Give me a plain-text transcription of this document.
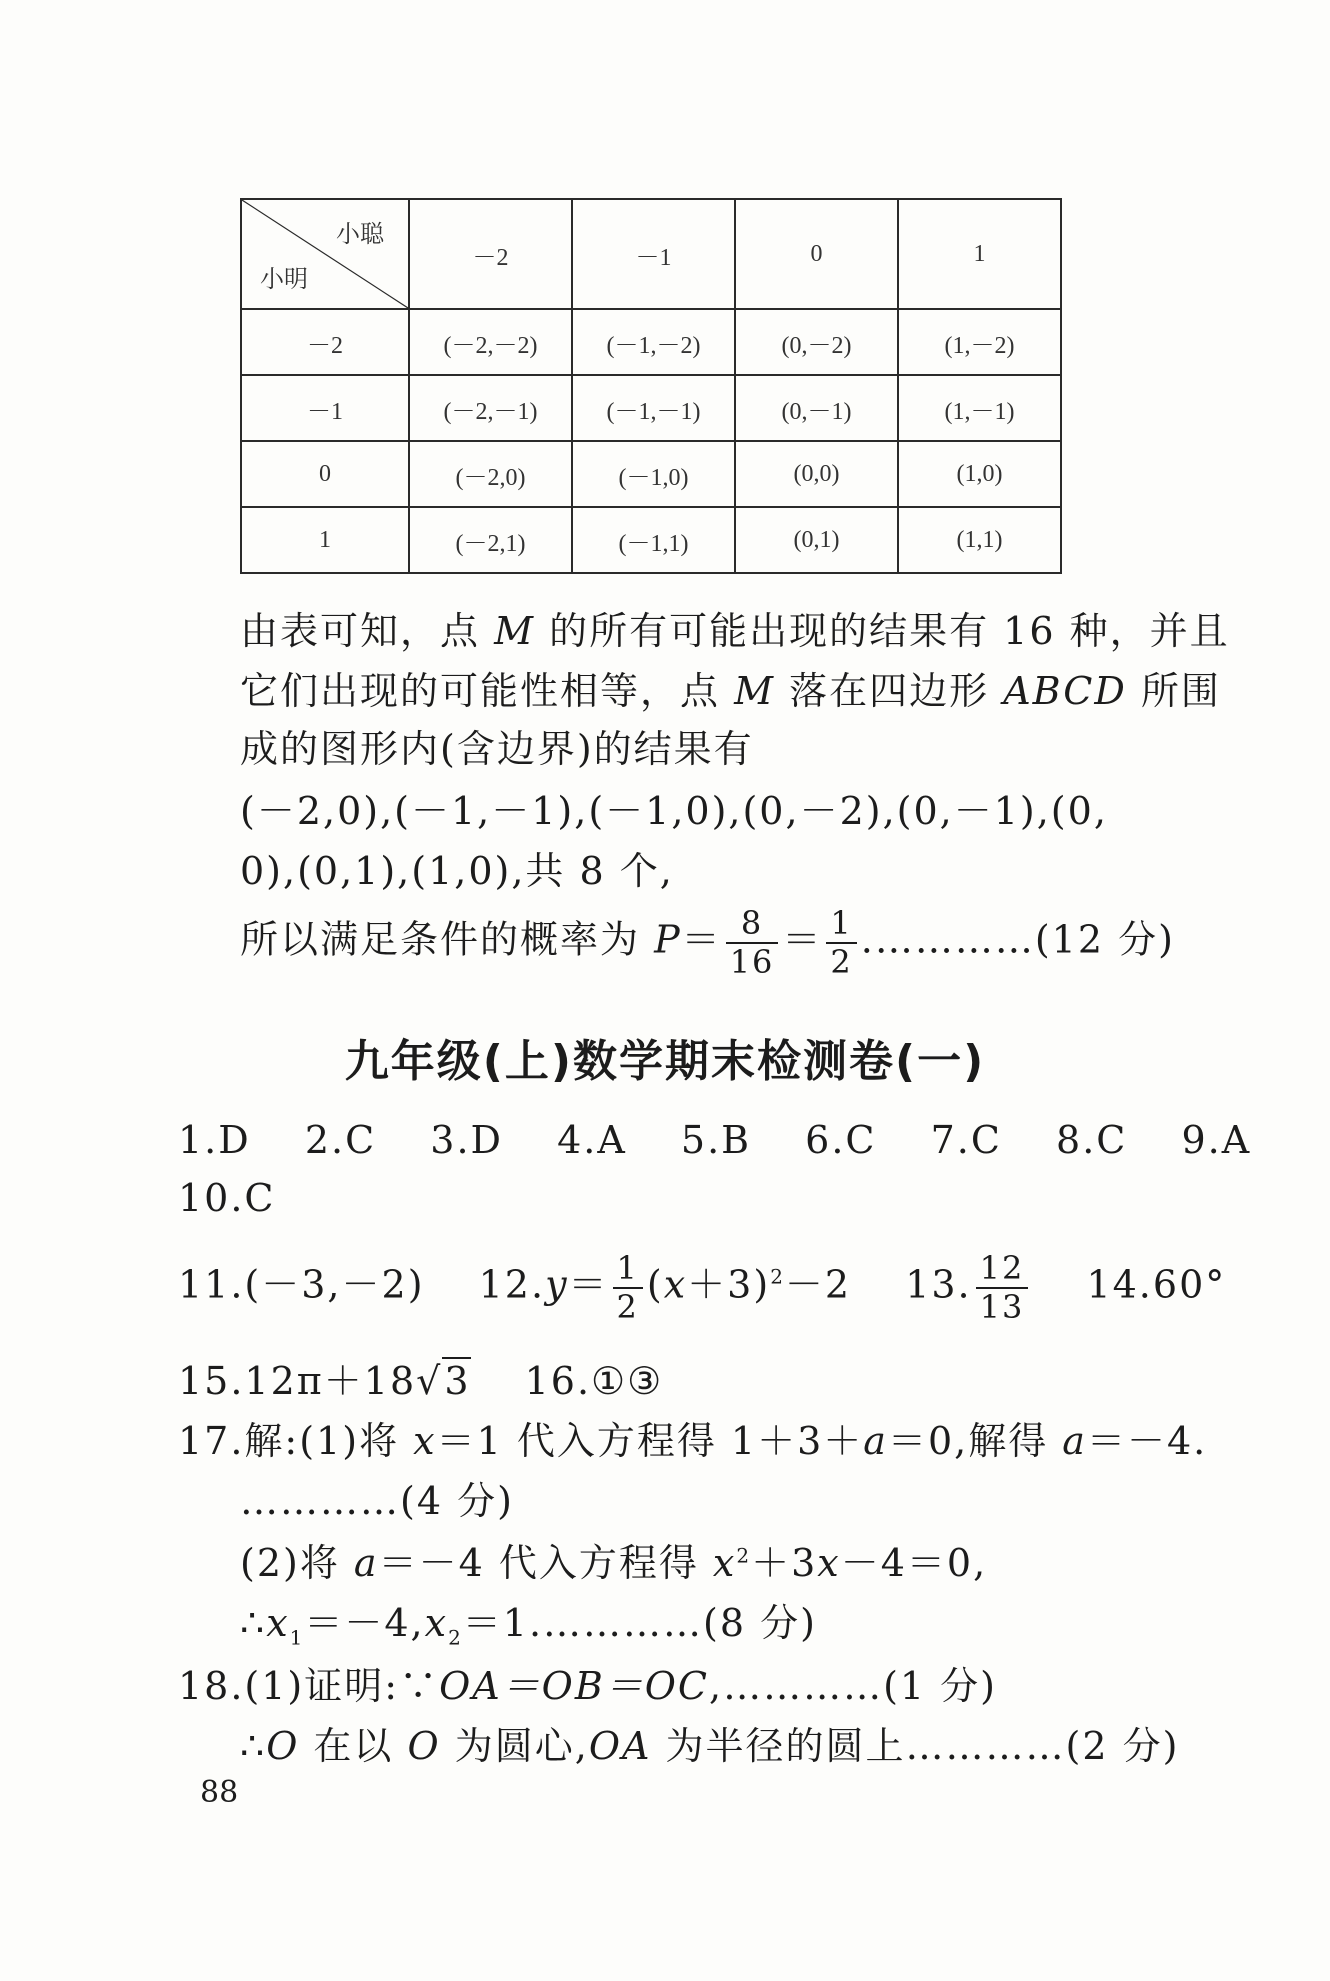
小聪
小明	－2	－1	0	1
－2	(－2,－2)	(－1,－2)	(0,－2)	(1,－2)
－1	(－2,－1)	(－1,－1)	(0,－1)	(1,－1)
0	(－2,0)	(－1,0)	(0,0)	(1,0)
1	(－2,1)	(－1,1)	(0,1)	(1,1)
由表可知，点 M 的所有可能出现的结果有 16 种，并且
它们出现的可能性相等，点 M 落在四边形 ABCD 所围
成的图形内(含边界)的结果有
(－2,0),(－1,－1),(－1,0),(0,－2),(0,－1),(0,
0),(0,1),(1,0),共 8 个,
所以满足条件的概率为 $P= \frac{8}{16} = \frac{1}{2}$ .…………(12 分)
九年级(上)数学期末检测卷(一)
1.D 2.C 3.D 4.A 5.B 6.C 7.C 8.C 9.A
10.C
11.(－3,－2) $12.y= \frac{1}{2} (x+3)^2-2$ 13. $\frac{12}{13} 14.60^\circ$
15.12π＋18√3 16.①③
17.解:(1)将 x＝1 代入方程得 1＋3＋a＝0,解得 a＝－4.
…………(4 分)
(2)将 a＝－4 代入方程得 $x^2+3x-4=0$,
$\therefore x_1=-4,x_2=1.\dots\dots\dots\dots(8$ 分)
18.(1)证明:∵OA＝OB＝OC,…………(1 分)
∴O 在以 O 为圆心,OA 为半径的圆上…………(2 分)
88
